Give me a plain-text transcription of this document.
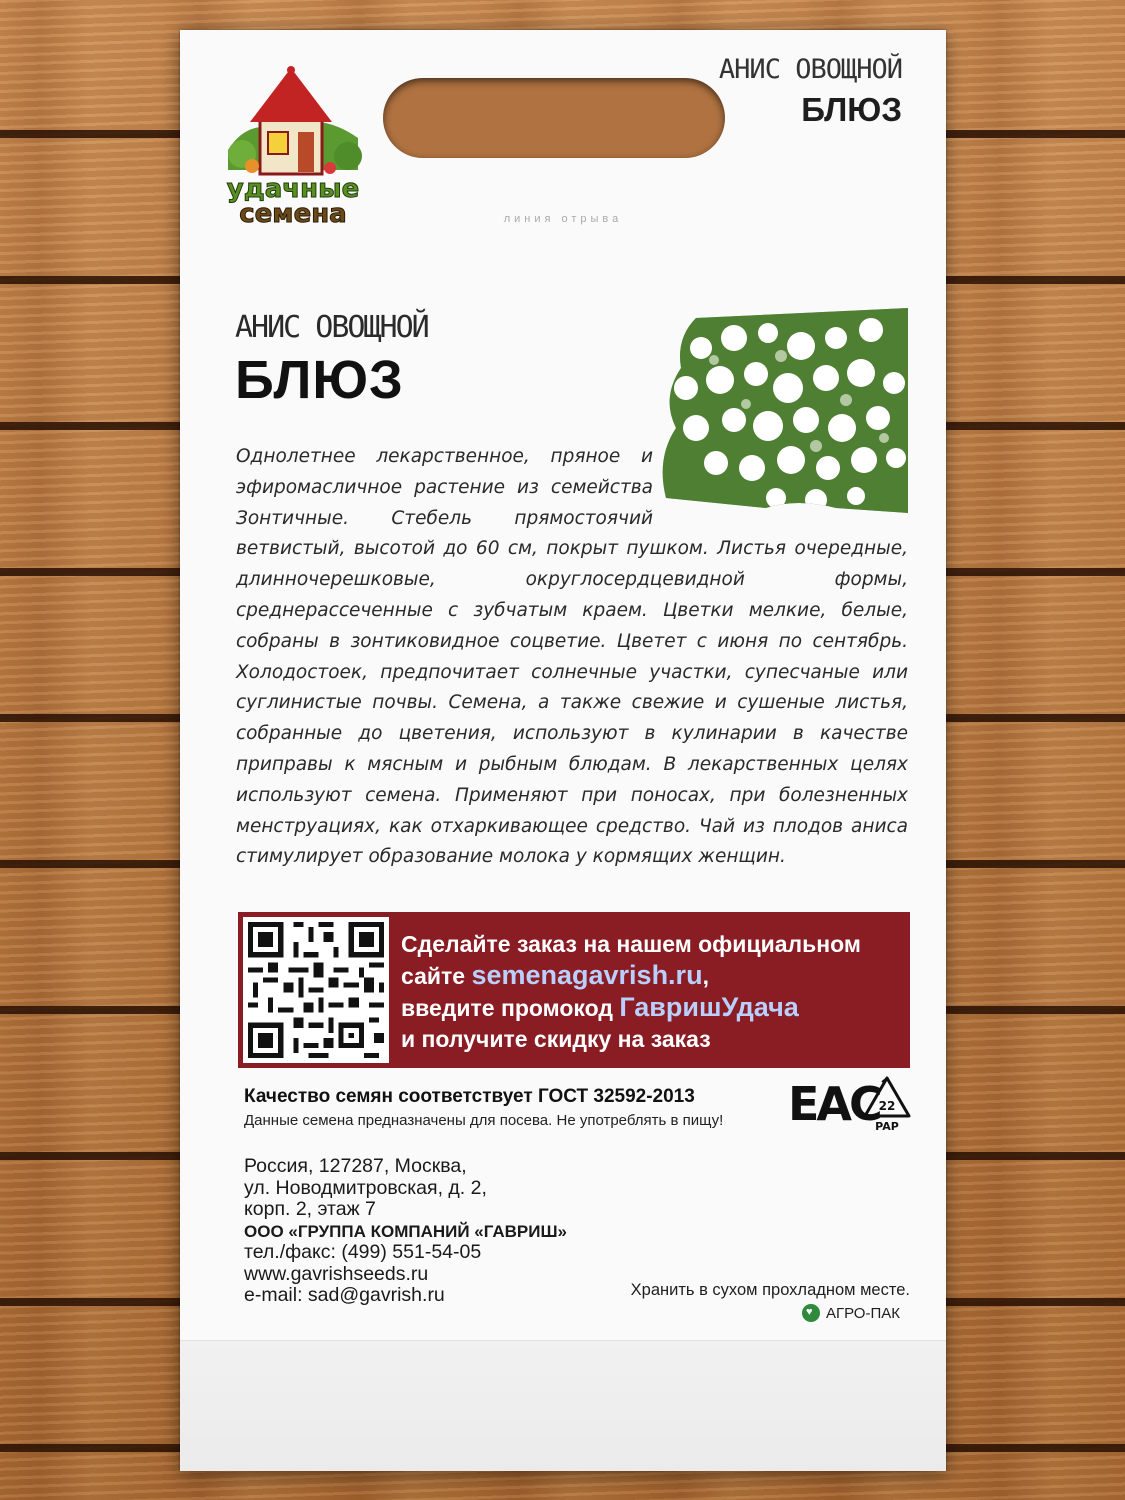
удачные
семена	линия отрыва
АНИС ОВОЩНОЙ
БЛЮЗ
АНИС ОВОЩНОЙ
БЛЮЗ
Однолетнее лекарственное, пряное и эфиромасличное растение из семейства Зонтичные. Стебель прямостоячий ветвистый, высотой до 60 см, покрыт пушком. Листья очередные, длинночерешковые, округлосердцевидной формы, среднерассеченные с зубчатым краем. Цветки мелкие, белые, собраны в зонтиковидное соцветие. Цветет с июня по сентябрь. Холодостоек, предпочитает солнечные участки, супесчаные или суглинистые почвы. Семена, а также свежие и сушеные листья, собранные до цветения, используют в кулинарии в качестве приправы к мясным и рыбным блюдам. В лекарственных целях используют семена. Применяют при поносах, при болезненных менструациях, как отхаркивающее средство. Чай из плодов аниса стимулирует образование молока у кормящих женщин.
Сделайте заказ на нашем официальном
сайте semenagavrish.ru,
введите промокод ГавришУдача
и получите скидку на заказ
Качество семян соответствует ГОСТ 32592-2013
Данные семена предназначены для посева. Не употреблять в пищу! ЕАС
22
PAP
Россия, 127287, Москва,
ул. Новодмитровская, д. 2,
корп. 2, этаж 7
ООО «ГРУППА КОМПАНИЙ «ГАВРИШ»
тел./факс: (499) 551-54-05
www.gavrishseeds.ru
e-mail: sad@gavrish.ru	Хранить в сухом прохладном месте.
♥
АГРО-ПАК
